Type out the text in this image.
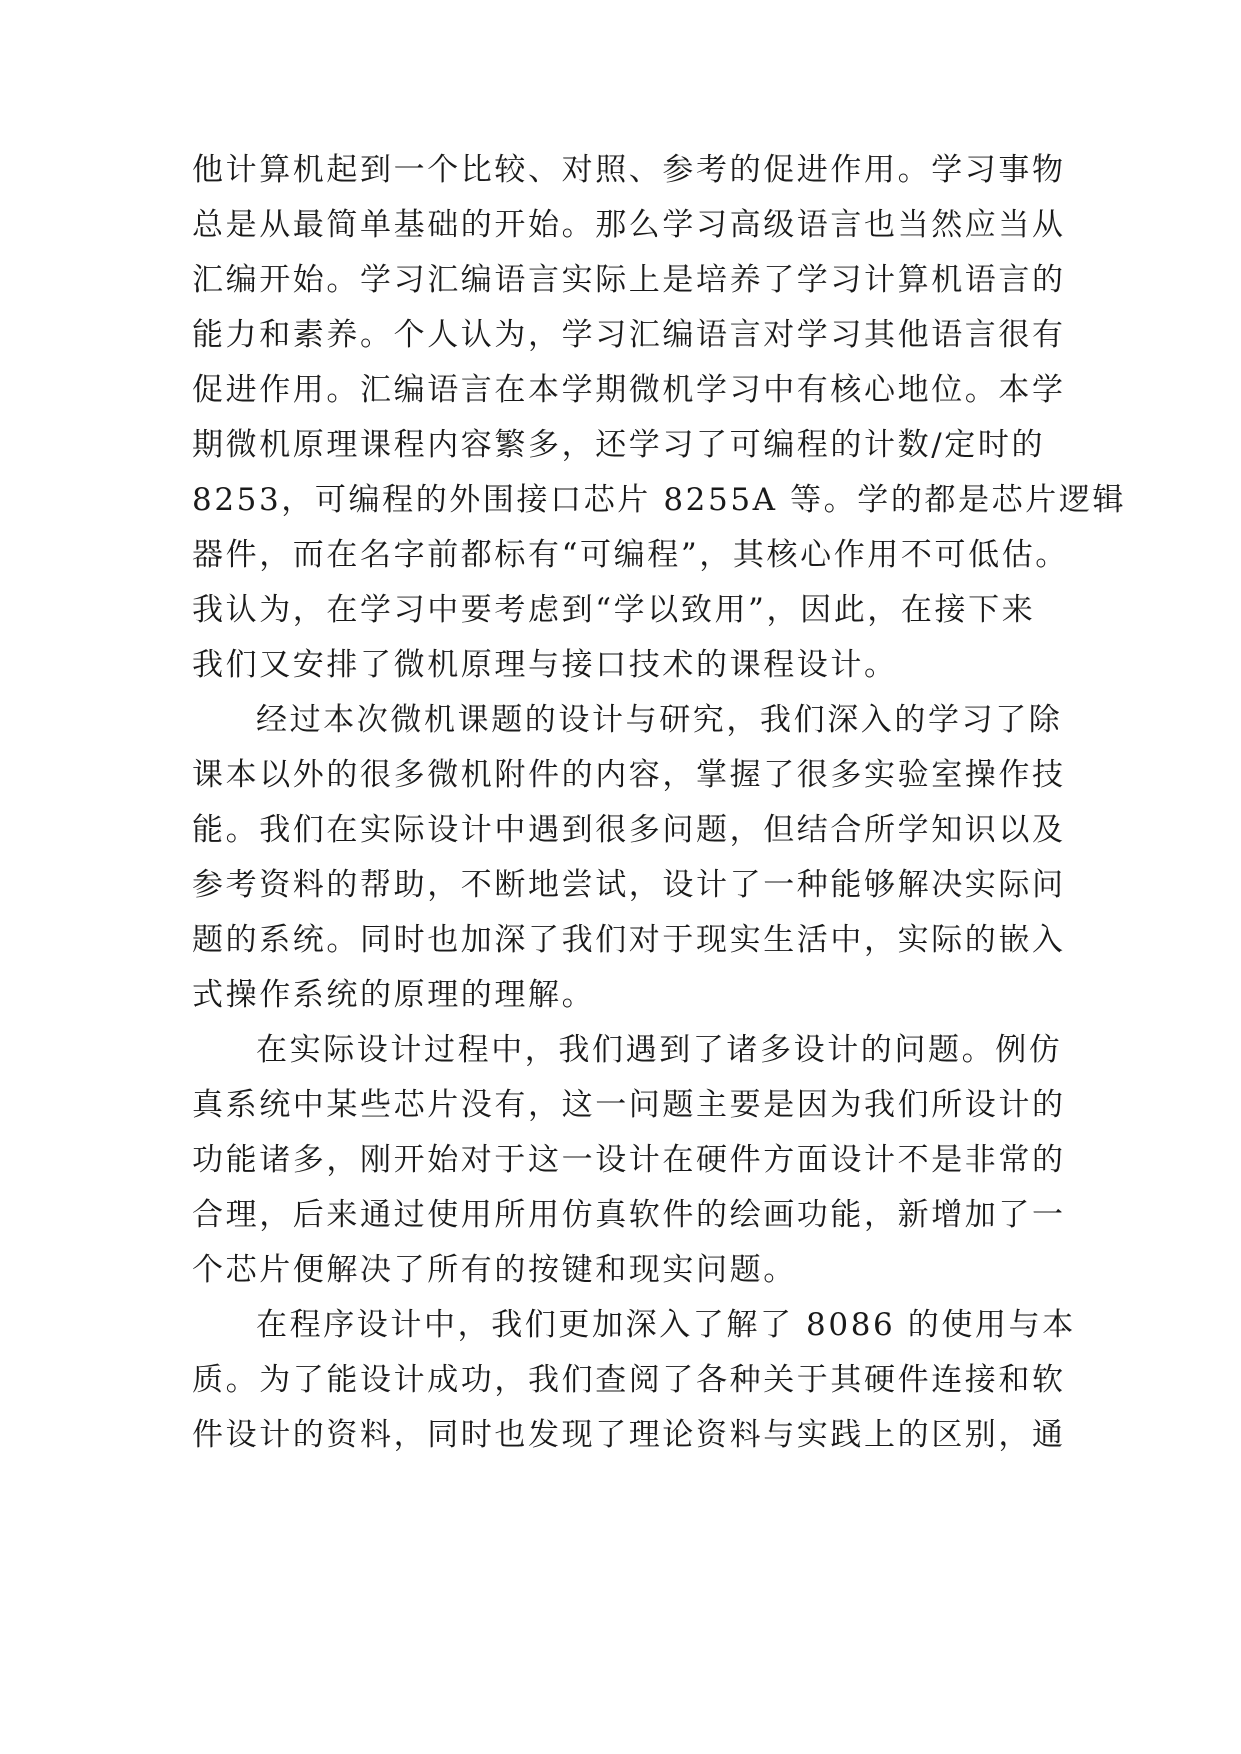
他计算机起到一个比较、对照、参考的促进作用。学习事物
总是从最简单基础的开始。那么学习高级语言也当然应当从
汇编开始。学习汇编语言实际上是培养了学习计算机语言的
能力和素养。个人认为，学习汇编语言对学习其他语言很有
促进作用。汇编语言在本学期微机学习中有核心地位。本学
期微机原理课程内容繁多，还学习了可编程的计数/定时的
8253，可编程的外围接口芯片 8255A 等。学的都是芯片逻辑
器件，而在名字前都标有“可编程”，其核心作用不可低估。
我认为，在学习中要考虑到“学以致用”，因此，在接下来
我们又安排了微机原理与接口技术的课程设计。
经过本次微机课题的设计与研究，我们深入的学习了除
课本以外的很多微机附件的内容，掌握了很多实验室操作技
能。我们在实际设计中遇到很多问题，但结合所学知识以及
参考资料的帮助，不断地尝试，设计了一种能够解决实际问
题的系统。同时也加深了我们对于现实生活中，实际的嵌入
式操作系统的原理的理解。
在实际设计过程中，我们遇到了诸多设计的问题。例仿
真系统中某些芯片没有，这一问题主要是因为我们所设计的
功能诸多，刚开始对于这一设计在硬件方面设计不是非常的
合理，后来通过使用所用仿真软件的绘画功能，新增加了一
个芯片便解决了所有的按键和现实问题。
在程序设计中，我们更加深入了解了 8086 的使用与本
质。为了能设计成功，我们查阅了各种关于其硬件连接和软
件设计的资料，同时也发现了理论资料与实践上的区别，通
